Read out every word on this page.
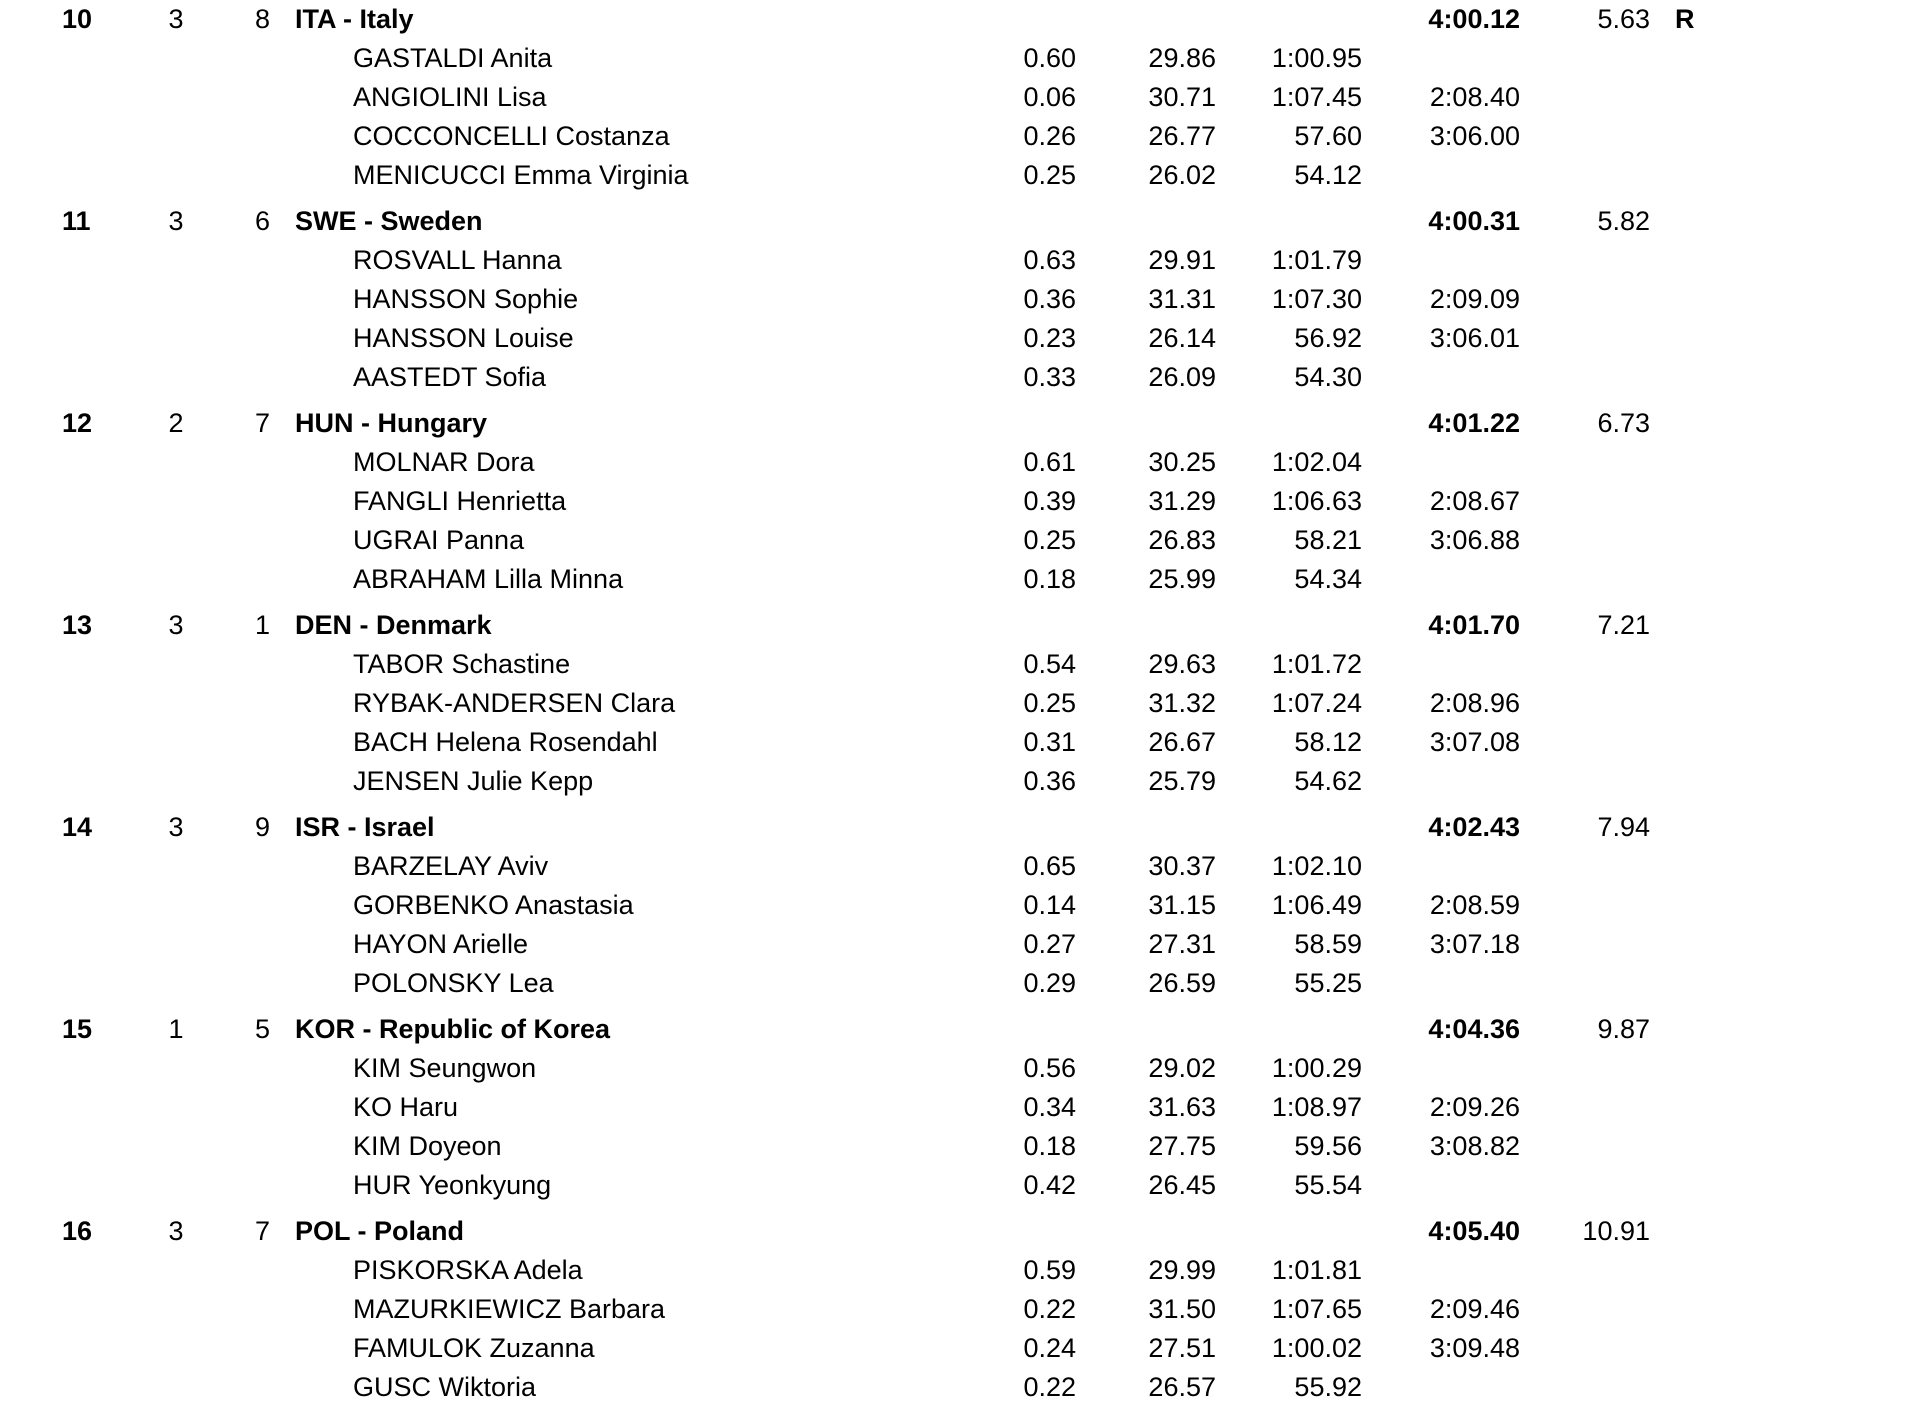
10	3	8 ITA - Italy	4:00.12	5.63 R
GASTALDI Anita	0.60	29.86	1:00.95
ANGIOLINI Lisa	0.06	30.71	1:07.45	2:08.40
COCCONCELLI Costanza	0.26	26.77	57.60	3:06.00
MENICUCCI Emma Virginia	0.25	26.02	54.12
11	3	6 SWE - Sweden	4:00.31	5.82
ROSVALL Hanna	0.63	29.91	1:01.79
HANSSON Sophie	0.36	31.31	1:07.30	2:09.09
HANSSON Louise	0.23	26.14	56.92	3:06.01
AASTEDT Sofia	0.33	26.09	54.30
12	2	7 HUN - Hungary	4:01.22	6.73
MOLNAR Dora	0.61	30.25	1:02.04
FANGLI Henrietta	0.39	31.29	1:06.63	2:08.67
UGRAI Panna	0.25	26.83	58.21	3:06.88
ABRAHAM Lilla Minna	0.18	25.99	54.34
13	3	1 DEN - Denmark	4:01.70	7.21
TABOR Schastine	0.54	29.63	1:01.72
RYBAK-ANDERSEN Clara	0.25	31.32	1:07.24	2:08.96
BACH Helena Rosendahl	0.31	26.67	58.12	3:07.08
JENSEN Julie Kepp	0.36	25.79	54.62
14	3	9 ISR - Israel	4:02.43	7.94
BARZELAY Aviv	0.65	30.37	1:02.10
GORBENKO Anastasia	0.14	31.15	1:06.49	2:08.59
HAYON Arielle	0.27	27.31	58.59	3:07.18
POLONSKY Lea	0.29	26.59	55.25
15	1	5 KOR - Republic of Korea	4:04.36	9.87
KIM Seungwon	0.56	29.02	1:00.29
KO Haru	0.34	31.63	1:08.97	2:09.26
KIM Doyeon	0.18	27.75	59.56	3:08.82
HUR Yeonkyung	0.42	26.45	55.54
16	3	7 POL - Poland	4:05.40	10.91
PISKORSKA Adela	0.59	29.99	1:01.81
MAZURKIEWICZ Barbara	0.22	31.50	1:07.65	2:09.46
FAMULOK Zuzanna	0.24	27.51	1:00.02	3:09.48
GUSC Wiktoria	0.22	26.57	55.92
